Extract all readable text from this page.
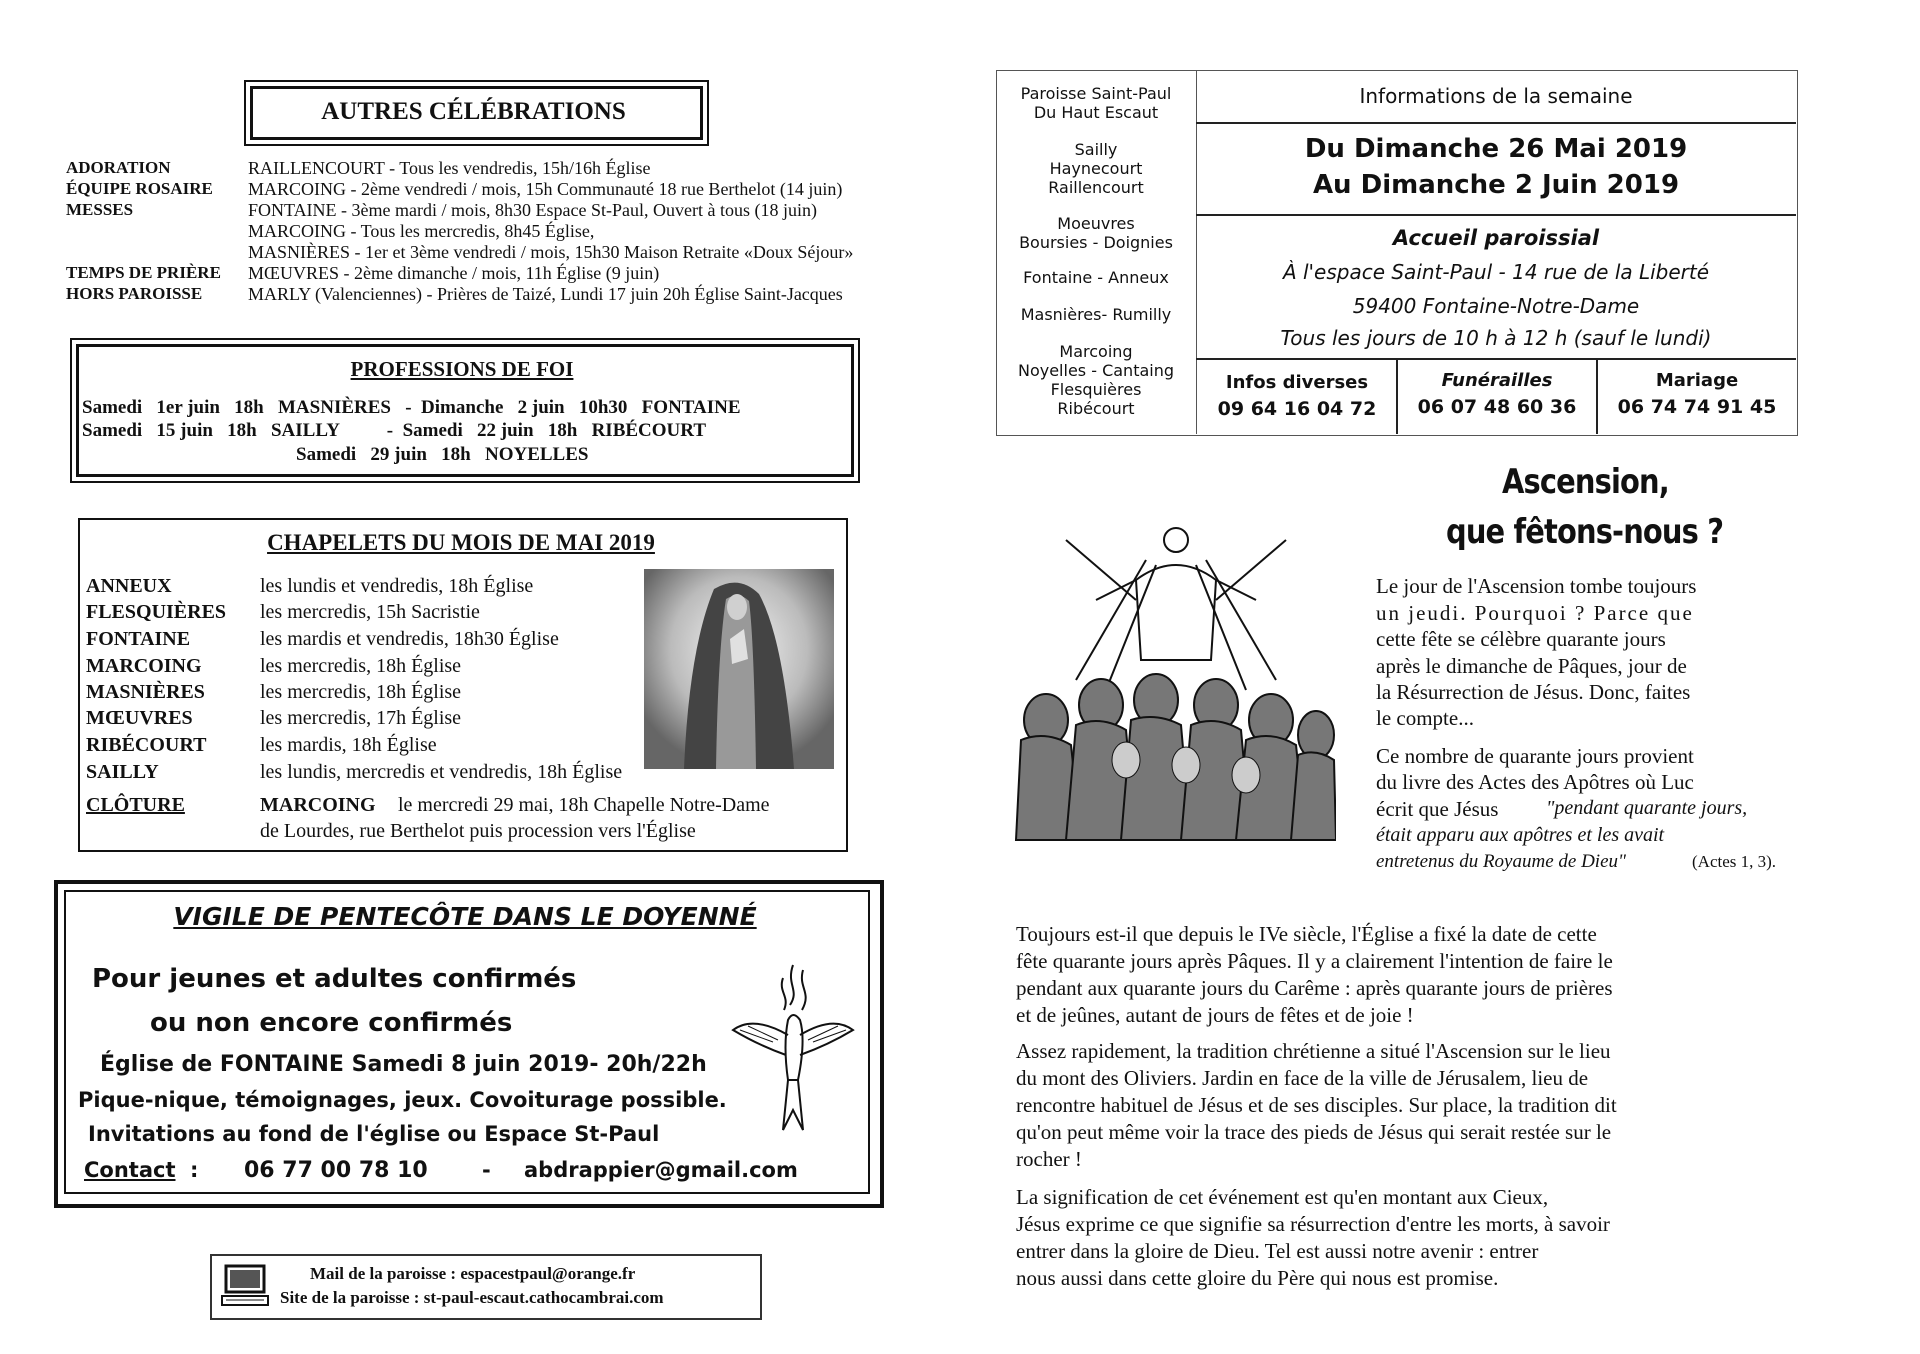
AUTRES CÉLÉBRATIONS
ADORATION	RAILLENCOURT - Tous les vendredis, 15h/16h Église
ÉQUIPE ROSAIRE MARCOING - 2ème vendredi / mois, 15h Communauté 18 rue Berthelot (14 juin)
MESSES	FONTAINE - 3ème mardi / mois, 8h30 Espace St-Paul, Ouvert à tous (18 juin)
MARCOING - Tous les mercredis, 8h45 Église,
MASNIÈRES - 1er et 3ème vendredi / mois, 15h30 Maison Retraite «Doux Séjour»
TEMPS DE PRIÈRE MŒUVRES - 2ème dimanche / mois, 11h Église (9 juin)
HORS PAROISSE	MARLY (Valenciennes) - Prières de Taizé, Lundi 17 juin 20h Église Saint-Jacques
PROFESSIONS DE FOI
Samedi   1er juin   18h   MASNIÈRES   -  Dimanche   2 juin   10h30   FONTAINE
Samedi   15 juin   18h   SAILLY          -  Samedi   22 juin   18h   RIBÉCOURT
Samedi   29 juin   18h   NOYELLES
CHAPELETS DU MOIS DE MAI 2019
ANNEUX	les lundis et vendredis, 18h Église
FLESQUIÈRES les mercredis, 15h Sacristie
FONTAINE	les mardis et vendredis, 18h30 Église
MARCOING	les mercredis, 18h Église
MASNIÈRES	les mercredis, 18h Église
MŒUVRES	les mercredis, 17h Église
RIBÉCOURT	les mardis, 18h Église
SAILLY	les lundis, mercredis et vendredis, 18h Église
CLÔTURE	MARCOING le mercredi 29 mai, 18h Chapelle Notre-Dame
de Lourdes, rue Berthelot puis procession vers l'Église
VIGILE DE PENTECÔTE DANS LE DOYENNÉ
Pour jeunes et adultes confirmés
ou non encore confirmés
Église de FONTAINE Samedi 8 juin 2019- 20h/22h
Pique-nique, témoignages, jeux. Covoiturage possible.
Invitations au fond de l'église ou Espace St-Paul
Contact : 06 77 00 78 10	- abdrappier@gmail.com
Mail de la paroisse : espacestpaul@orange.fr
Site de la paroisse : st-paul-escaut.cathocambrai.com
Paroisse Saint-Paul
Du Haut Escaut
Sailly
Haynecourt
Raillencourt
Moeuvres
Boursies - Doignies
Fontaine - Anneux
Masnières- Rumilly
Marcoing
Noyelles - Cantaing
Flesquières
Ribécourt
Informations de la semaine
Du Dimanche 26 Mai 2019
Au Dimanche 2 Juin 2019
Accueil paroissial
À l'espace Saint-Paul - 14 rue de la Liberté
59400 Fontaine-Notre-Dame
Tous les jours de 10 h à 12 h (sauf le lundi)
Infos diverses
09 64 16 04 72
Funérailles
06 07 48 60 36
Mariage
06 74 74 91 45
Ascension,
que fêtons-nous ?
Le jour de l'Ascension tombe toujours
un jeudi. Pourquoi ? Parce que
cette fête se célèbre quarante jours
après le dimanche de Pâques, jour de
la Résurrection de Jésus. Donc, faites
le compte...
Ce nombre de quarante jours provient
du livre des Actes des Apôtres où Luc
écrit que Jésus "pendant quarante jours,
était apparu aux apôtres et les avait
entretenus du Royaume de Dieu"	(Actes 1, 3).
Toujours est-il que depuis le IVe siècle, l'Église a fixé la date de cette
fête quarante jours après Pâques. Il y a clairement l'intention de faire le
pendant aux quarante jours du Carême : après quarante jours de prières
et de jeûnes, autant de jours de fêtes et de joie !
Assez rapidement, la tradition chrétienne a situé l'Ascension sur le lieu
du mont des Oliviers. Jardin en face de la ville de Jérusalem, lieu de
rencontre habituel de Jésus et de ses disciples. Sur place, la tradition dit
qu'on peut même voir la trace des pieds de Jésus qui serait restée sur le
rocher !
La signification de cet événement est qu'en montant aux Cieux,
Jésus exprime ce que signifie sa résurrection d'entre les morts, à savoir
entrer dans la gloire de Dieu. Tel est aussi notre avenir : entrer
nous aussi dans cette gloire du Père qui nous est promise.
